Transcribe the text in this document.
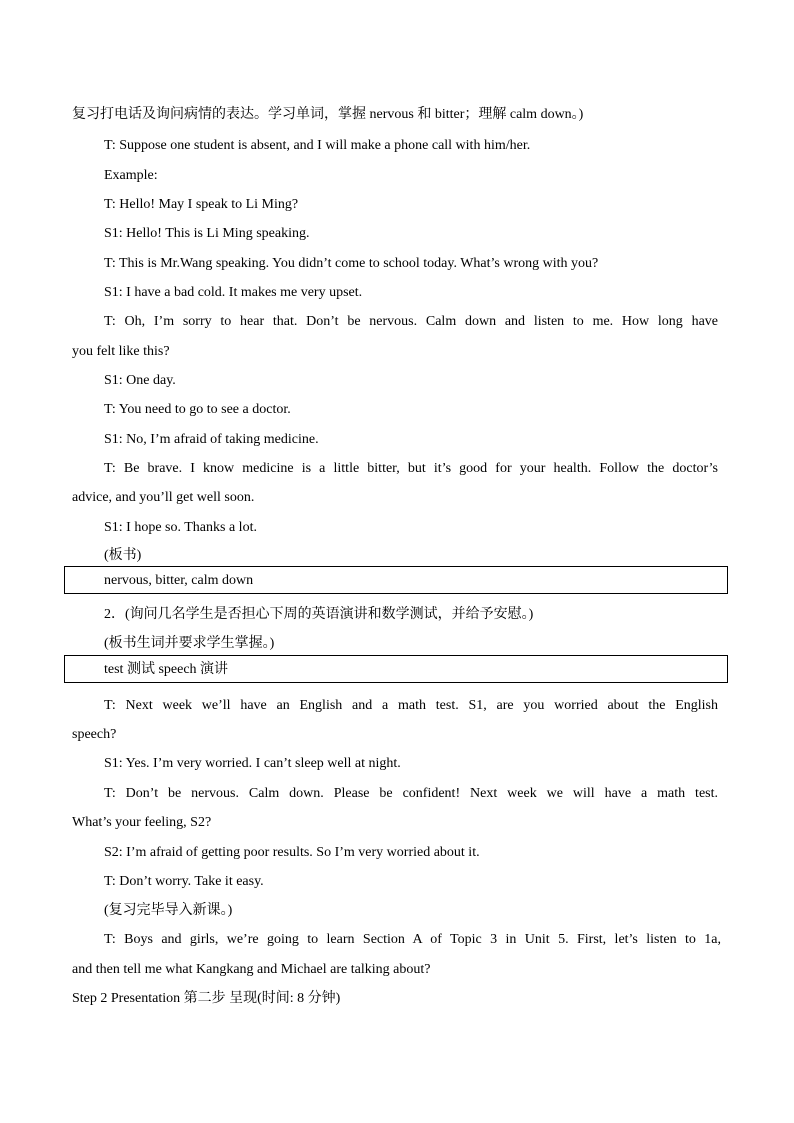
复习打电话及询问病情的表达。学习单词，掌握 nervous 和 bitter；理解 calm down。)
T: Suppose one student is absent, and I will make a phone call with him/her.
Example:
T: Hello! May I speak to Li Ming?
S1: Hello! This is Li Ming speaking.
T: This is Mr.Wang speaking. You didn’t come to school today. What’s wrong with you?
S1: I have a bad cold. It makes me very upset.
T: Oh, I’m sorry to hear that. Don’t be nervous. Calm down and listen to me. How long have
you felt like this?
S1: One day.
T: You need to go to see a doctor.
S1: No, I’m afraid of taking medicine.
T: Be brave. I know medicine is a little bitter, but it’s good for your health. Follow the doctor’s
advice, and you’ll get well soon.
S1: I hope so. Thanks a lot.
(板书)
nervous, bitter, calm down
2．(询问几名学生是否担心下周的英语演讲和数学测试，并给予安慰。)
(板书生词并要求学生掌握。)
test 测试 speech 演讲
T: Next week we’ll have an English and a math test. S1, are you worried about the English
speech?
S1: Yes. I’m very worried. I can’t sleep well at night.
T: Don’t be nervous. Calm down. Please be confident! Next week we will have a math test.
What’s your feeling, S2?
S2: I’m afraid of getting poor results. So I’m very worried about it.
T: Don’t worry. Take it easy.
(复习完毕导入新课。)
T: Boys and girls, we’re going to learn Section A of Topic 3 in Unit 5. First, let’s listen to 1a,
and then tell me what Kangkang and Michael are talking about?
Step 2 Presentation 第二步 呈现(时间: 8 分钟)
